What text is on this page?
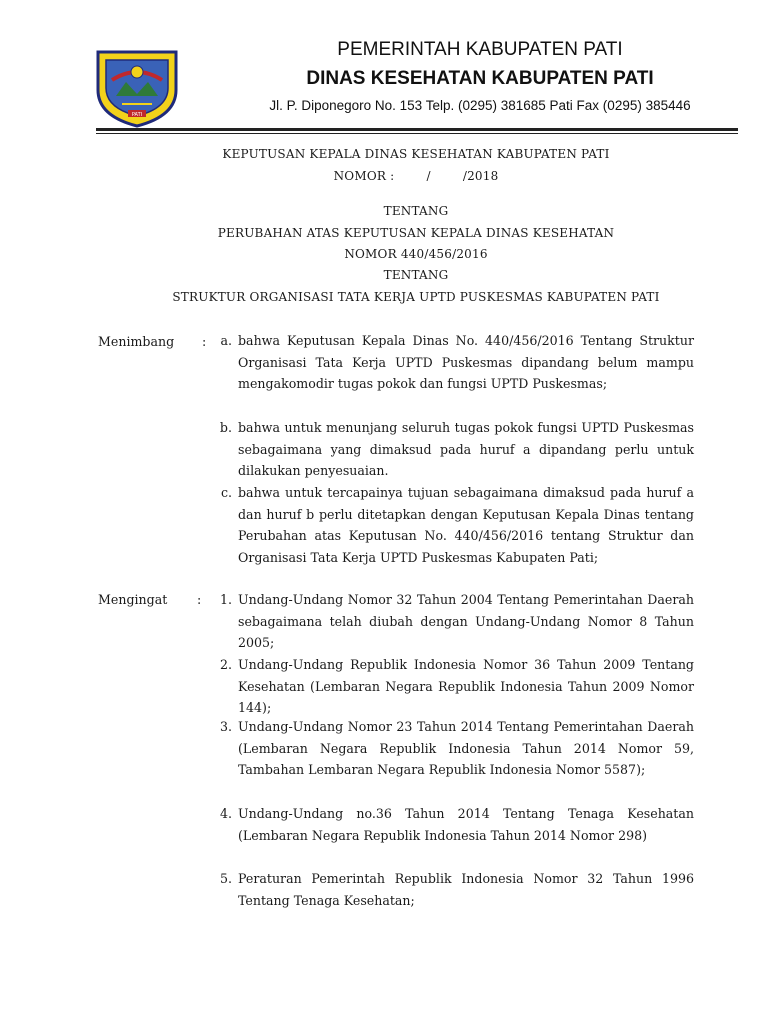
PATI
PEMERINTAH KABUPATEN PATI
DINAS KESEHATAN KABUPATEN PATI
Jl. P. Diponegoro No. 153 Telp. (0295) 381685 Pati Fax (0295) 385446
KEPUTUSAN KEPALA DINAS KESEHATAN KABUPATEN PATI
NOMOR :        /        /2018
TENTANG
PERUBAHAN ATAS KEPUTUSAN KEPALA DINAS KESEHATAN
NOMOR 440/456/2016
TENTANG
STRUKTUR ORGANISASI TATA KERJA UPTD PUSKESMAS KABUPATEN PATI
Menimbang :	a. bahwa Keputusan Kepala Dinas No. 440/456/2016 Tentang Struktur Organisasi Tata Kerja UPTD Puskesmas dipandang belum mampu mengakomodir tugas pokok dan fungsi UPTD Puskesmas;
b. bahwa untuk menunjang seluruh tugas pokok fungsi UPTD Puskesmas sebagaimana yang dimaksud pada huruf a dipandang perlu untuk dilakukan penyesuaian.
c. bahwa untuk tercapainya tujuan sebagaimana dimaksud pada huruf a dan huruf b perlu ditetapkan dengan Keputusan Kepala Dinas tentang Perubahan atas Keputusan No. 440/456/2016 tentang Struktur dan Organisasi Tata Kerja UPTD Puskesmas Kabupaten Pati;
Mengingat :	1. Undang-Undang Nomor 32 Tahun 2004 Tentang Pemerintahan Daerah sebagaimana telah diubah dengan Undang-Undang Nomor 8 Tahun 2005;
2. Undang-Undang Republik Indonesia Nomor 36 Tahun 2009 Tentang Kesehatan (Lembaran Negara Republik Indonesia Tahun 2009 Nomor 144);
3. Undang-Undang Nomor 23 Tahun 2014 Tentang Pemerintahan Daerah (Lembaran Negara Republik Indonesia Tahun 2014 Nomor 59, Tambahan Lembaran Negara Republik Indonesia Nomor 5587);
4. Undang-Undang no.36 Tahun 2014 Tentang Tenaga Kesehatan (Lembaran Negara Republik Indonesia Tahun 2014 Nomor 298)
5. Peraturan Pemerintah Republik Indonesia Nomor 32 Tahun 1996 Tentang Tenaga Kesehatan;
